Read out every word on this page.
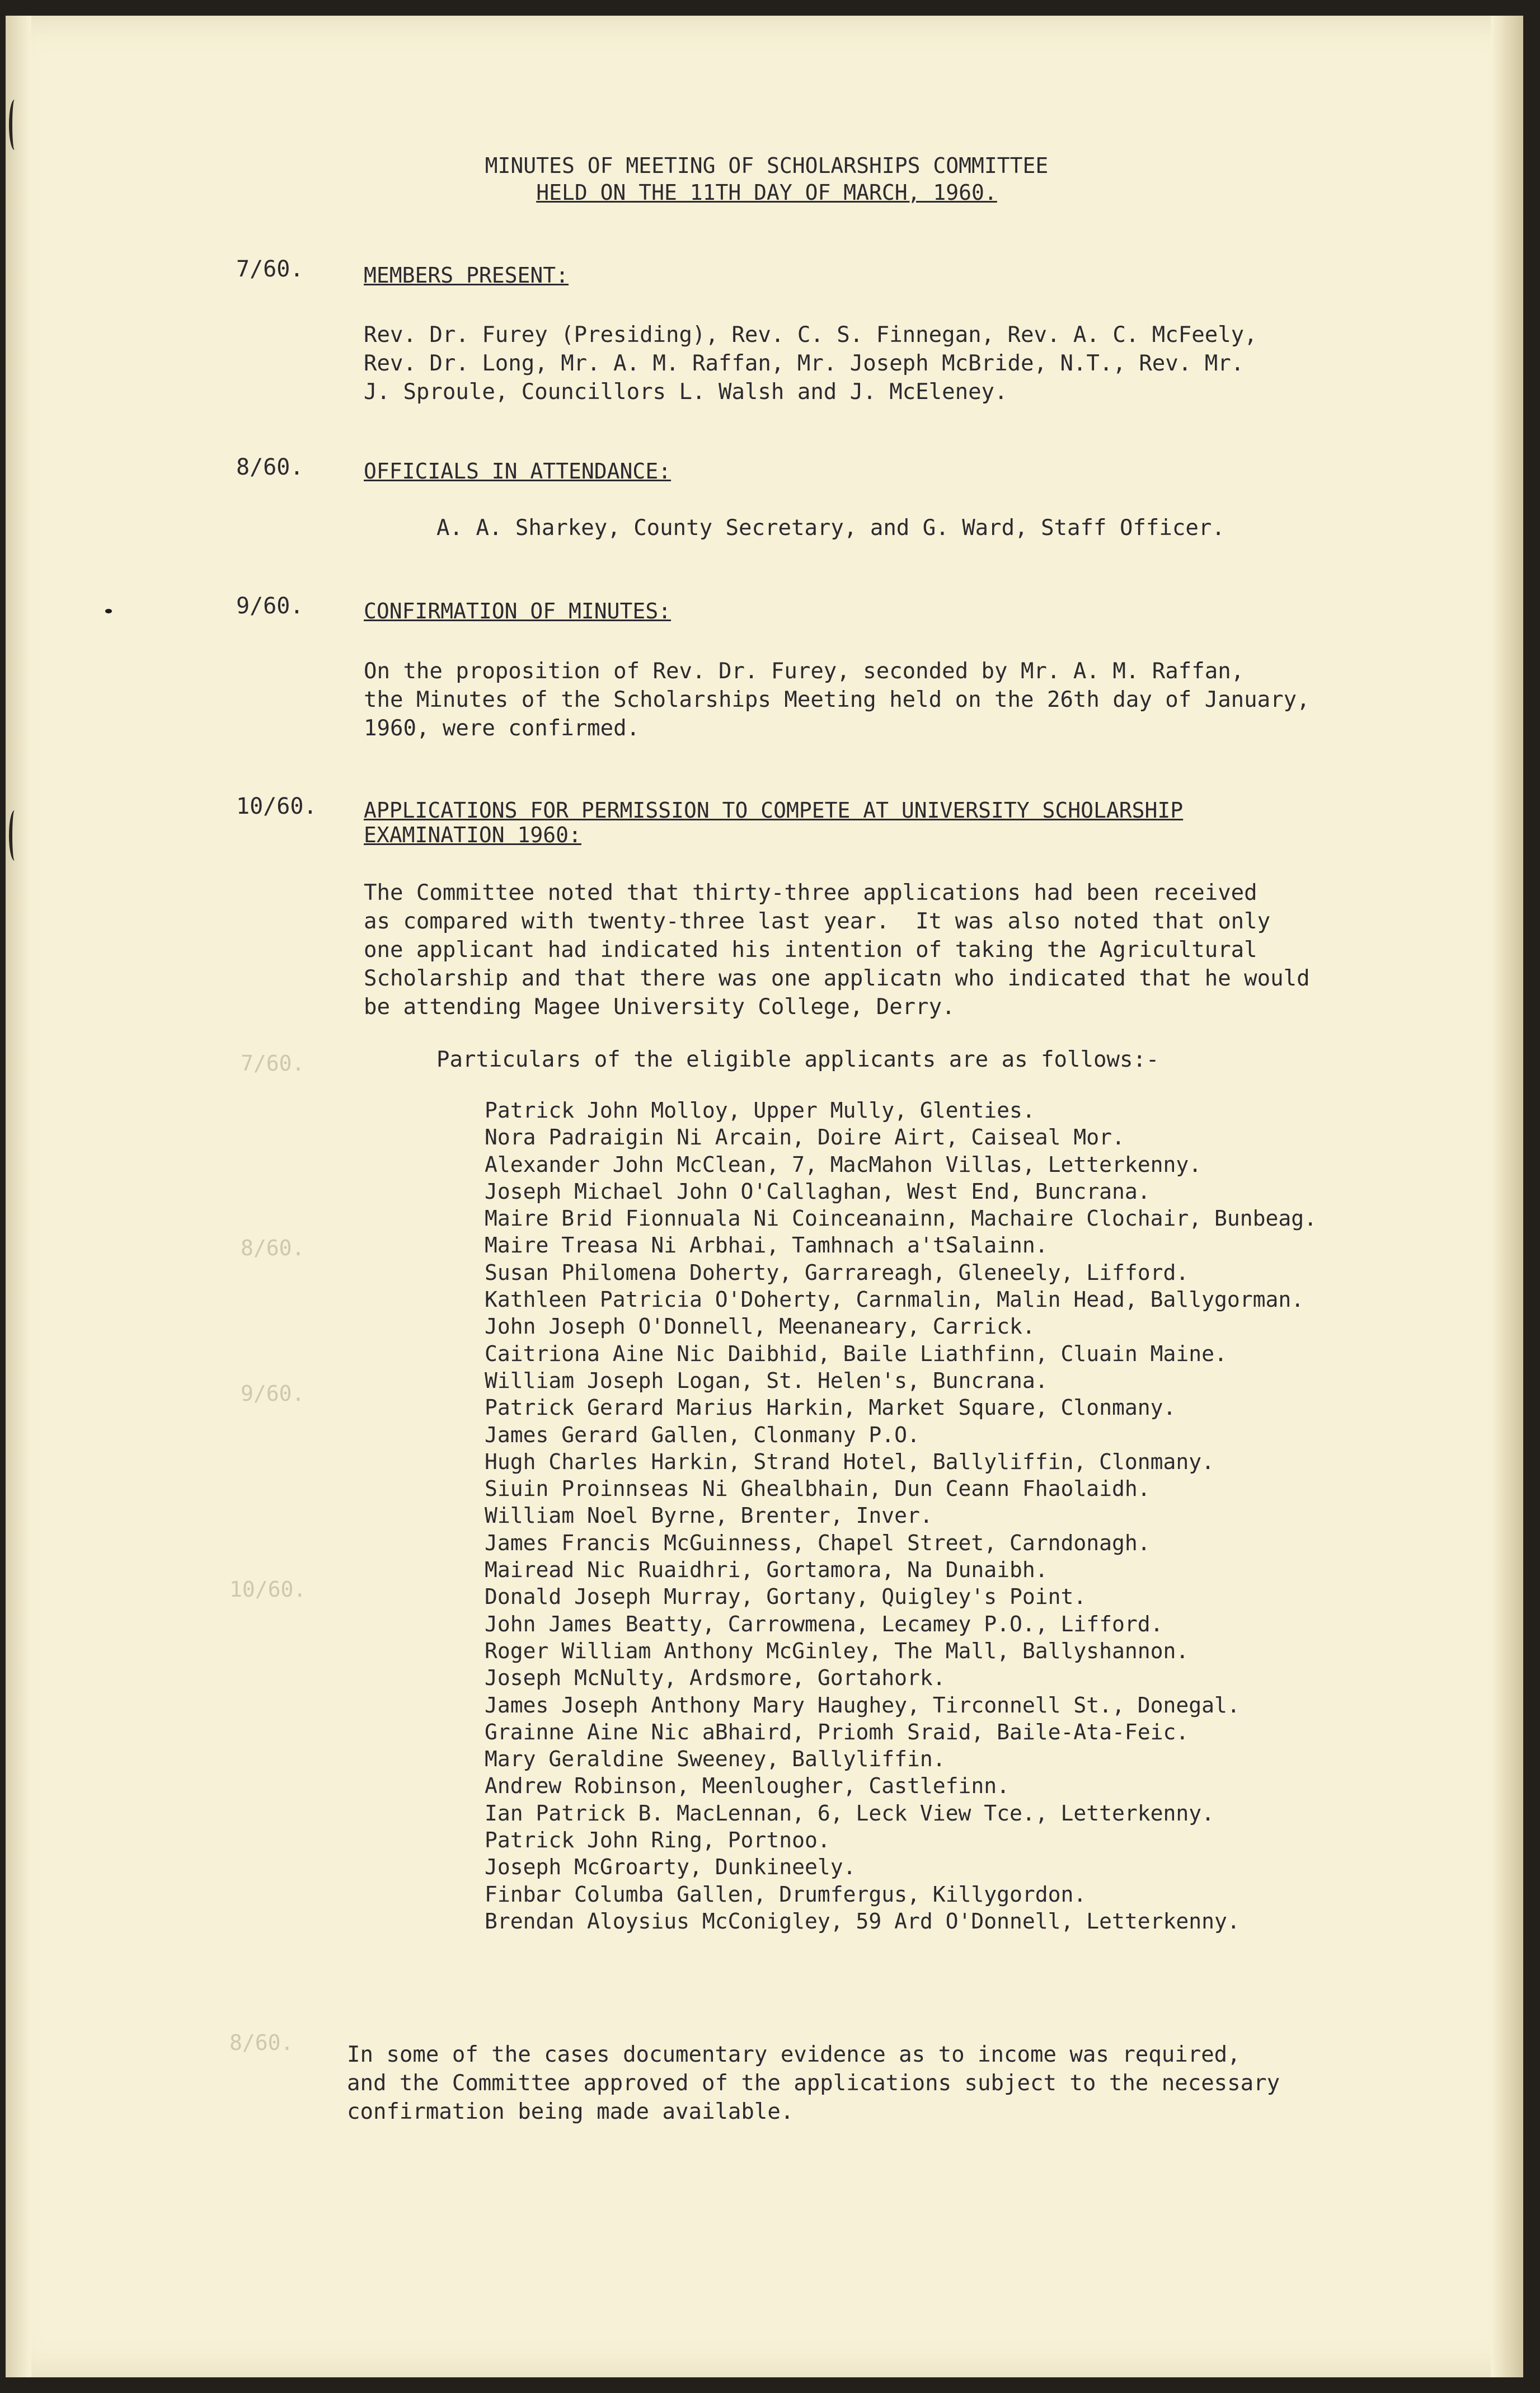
7/60.
8/60.
9/60.
10/60.
8/60.
MINUTES OF MEETING OF SCHOLARSHIPS COMMITTEE
HELD ON THE 11TH DAY OF MARCH, 1960.
7/60.	MEMBERS PRESENT:
Rev. Dr. Furey (Presiding), Rev. C. S. Finnegan, Rev. A. C. McFeely,
Rev. Dr. Long, Mr. A. M. Raffan, Mr. Joseph McBride, N.T., Rev. Mr.
J. Sproule, Councillors L. Walsh and J. McEleney.
8/60.	OFFICIALS IN ATTENDANCE:
A. A. Sharkey, County Secretary, and G. Ward, Staff Officer.
9/60.	CONFIRMATION OF MINUTES:
On the proposition of Rev. Dr. Furey, seconded by Mr. A. M. Raffan,
the Minutes of the Scholarships Meeting held on the 26th day of January,
1960, were confirmed.
10/60. APPLICATIONS FOR PERMISSION TO COMPETE AT UNIVERSITY SCHOLARSHIP
EXAMINATION 1960:
The Committee noted that thirty-three applications had been received
as compared with twenty-three last year.  It was also noted that only
one applicant had indicated his intention of taking the Agricultural
Scholarship and that there was one applicatn who indicated that he would
be attending Magee University College, Derry.
Particulars of the eligible applicants are as follows:-
Patrick John Molloy, Upper Mully, Glenties.
Nora Padraigin Ni Arcain, Doire Airt, Caiseal Mor.
Alexander John McClean, 7, MacMahon Villas, Letterkenny.
Joseph Michael John O'Callaghan, West End, Buncrana.
Maire Brid Fionnuala Ni Coinceanainn, Machaire Clochair, Bunbeag.
Maire Treasa Ni Arbhai, Tamhnach a'tSalainn.
Susan Philomena Doherty, Garrareagh, Gleneely, Lifford.
Kathleen Patricia O'Doherty, Carnmalin, Malin Head, Ballygorman.
John Joseph O'Donnell, Meenaneary, Carrick.
Caitriona Aine Nic Daibhid, Baile Liathfinn, Cluain Maine.
William Joseph Logan, St. Helen's, Buncrana.
Patrick Gerard Marius Harkin, Market Square, Clonmany.
James Gerard Gallen, Clonmany P.O.
Hugh Charles Harkin, Strand Hotel, Ballyliffin, Clonmany.
Siuin Proinnseas Ni Ghealbhain, Dun Ceann Fhaolaidh.
William Noel Byrne, Brenter, Inver.
James Francis McGuinness, Chapel Street, Carndonagh.
Mairead Nic Ruaidhri, Gortamora, Na Dunaibh.
Donald Joseph Murray, Gortany, Quigley's Point.
John James Beatty, Carrowmena, Lecamey P.O., Lifford.
Roger William Anthony McGinley, The Mall, Ballyshannon.
Joseph McNulty, Ardsmore, Gortahork.
James Joseph Anthony Mary Haughey, Tirconnell St., Donegal.
Grainne Aine Nic aBhaird, Priomh Sraid, Baile-Ata-Feic.
Mary Geraldine Sweeney, Ballyliffin.
Andrew Robinson, Meenlougher, Castlefinn.
Ian Patrick B. MacLennan, 6, Leck View Tce., Letterkenny.
Patrick John Ring, Portnoo.
Joseph McGroarty, Dunkineely.
Finbar Columba Gallen, Drumfergus, Killygordon.
Brendan Aloysius McConigley, 59 Ard O'Donnell, Letterkenny.
In some of the cases documentary evidence as to income was required,
and the Committee approved of the applications subject to the necessary
confirmation being made available.
